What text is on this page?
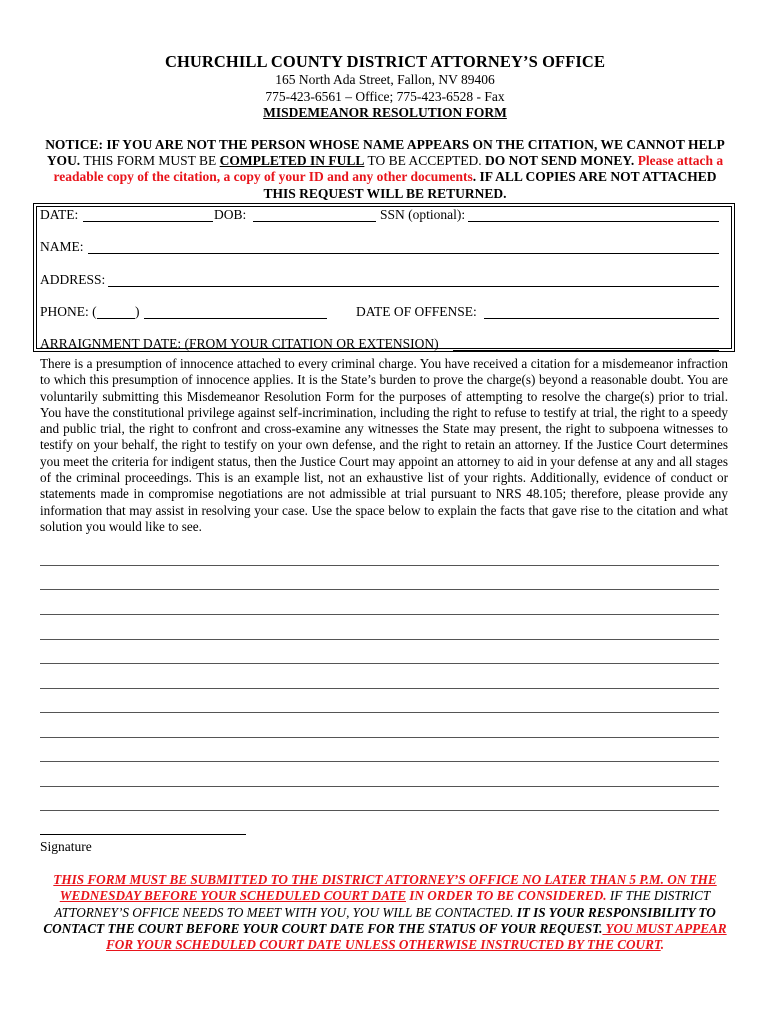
CHURCHILL COUNTY DISTRICT ATTORNEY’S OFFICE
165 North Ada Street, Fallon, NV 89406
775-423-6561 – Office; 775-423-6528 - Fax
MISDEMEANOR RESOLUTION FORM
NOTICE: IF YOU ARE NOT THE PERSON WHOSE NAME APPEARS ON THE CITATION, WE CANNOT HELP YOU. THIS FORM MUST BE COMPLETED IN FULL TO BE ACCEPTED. DO NOT SEND MONEY. Please attach a readable copy of the citation, a copy of your ID and any other documents. IF ALL COPIES ARE NOT ATTACHED THIS REQUEST WILL BE RETURNED.
DATE:	DOB:	SSN (optional):
NAME:
ADDRESS:
PHONE: (	)	DATE OF OFFENSE:
ARRAIGNMENT DATE: (FROM YOUR CITATION OR EXTENSION)
There is a presumption of innocence attached to every criminal charge. You have received a citation for a misdemeanor infraction to which this presumption of innocence applies. It is the State’s burden to prove the charge(s) beyond a reasonable doubt. You are voluntarily submitting this Misdemeanor Resolution Form for the purposes of attempting to resolve the charge(s) prior to trial. You have the constitutional privilege against self-incrimination, including the right to refuse to testify at trial, the right to a speedy and public trial, the right to confront and cross-examine any witnesses the State may present, the right to subpoena witnesses to testify on your behalf, the right to testify on your own defense, and the right to retain an attorney. If the Justice Court determines you meet the criteria for indigent status, then the Justice Court may appoint an attorney to aid in your defense at any and all stages of the criminal proceedings. This is an example list, not an exhaustive list of your rights. Additionally, evidence of conduct or statements made in compromise negotiations are not admissible at trial pursuant to NRS 48.105; therefore, please provide any information that may assist in resolving your case. Use the space below to explain the facts that gave rise to the citation and what solution you would like to see.
Signature
THIS FORM MUST BE SUBMITTED TO THE DISTRICT ATTORNEY’S OFFICE NO LATER THAN 5 P.M. ON THE WEDNESDAY BEFORE YOUR SCHEDULED COURT DATE IN ORDER TO BE CONSIDERED. IF THE DISTRICT ATTORNEY’S OFFICE NEEDS TO MEET WITH YOU, YOU WILL BE CONTACTED. IT IS YOUR RESPONSIBILITY TO CONTACT THE COURT BEFORE YOUR COURT DATE FOR THE STATUS OF YOUR REQUEST. YOU MUST APPEAR FOR YOUR SCHEDULED COURT DATE UNLESS OTHERWISE INSTRUCTED BY THE COURT.
